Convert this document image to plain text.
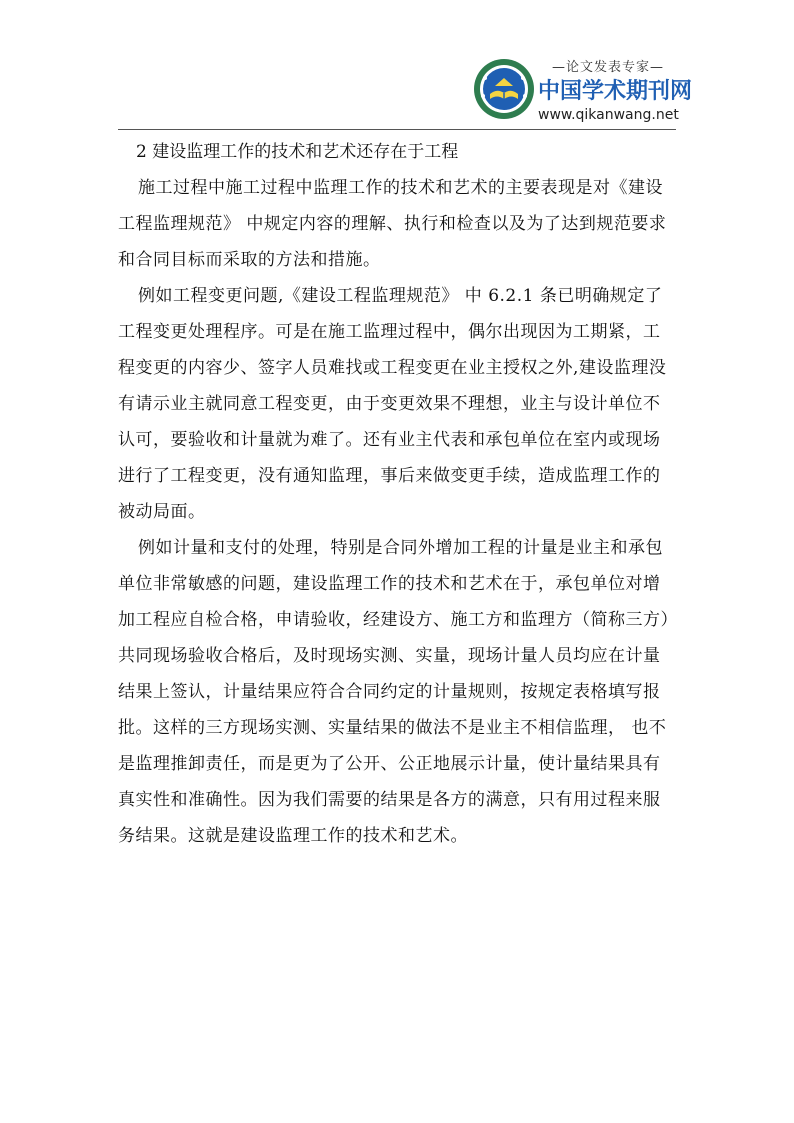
—论文发表专家—
中国学术期刊网
www.qikanwang.net
2 建设监理工作的技术和艺术还存在于工程

施工过程中施工过程中监理工作的技术和艺术的主要表现是对《建设工程监理规范》 中规定内容的理解、执行和检查以及为了达到规范要求和合同目标而采取的方法和措施。

例如工程变更问题,《建设工程监理规范》 中 6.2.1 条已明确规定了工程变更处理程序。可是在施工监理过程中，偶尔出现因为工期紧，工程变更的内容少、签字人员难找或工程变更在业主授权之外,建设监理没有请示业主就同意工程变更，由于变更效果不理想，业主与设计单位不认可，要验收和计量就为难了。还有业主代表和承包单位在室内或现场进行了工程变更，没有通知监理，事后来做变更手续，造成监理工作的被动局面。

例如计量和支付的处理，特别是合同外增加工程的计量是业主和承包单位非常敏感的问题，建设监理工作的技术和艺术在于，承包单位对增加工程应自检合格，申请验收，经建设方、施工方和监理方（简称三方）共同现场验收合格后，及时现场实测、实量，现场计量人员均应在计量结果上签认，计量结果应符合合同约定的计量规则，按规定表格填写报批。这样的三方现场实测、实量结果的做法不是业主不相信监理， 也不是监理推卸责任，而是更为了公开、公正地展示计量，使计量结果具有真实性和准确性。因为我们需要的结果是各方的满意，只有用过程来服务结果。这就是建设监理工作的技术和艺术。
